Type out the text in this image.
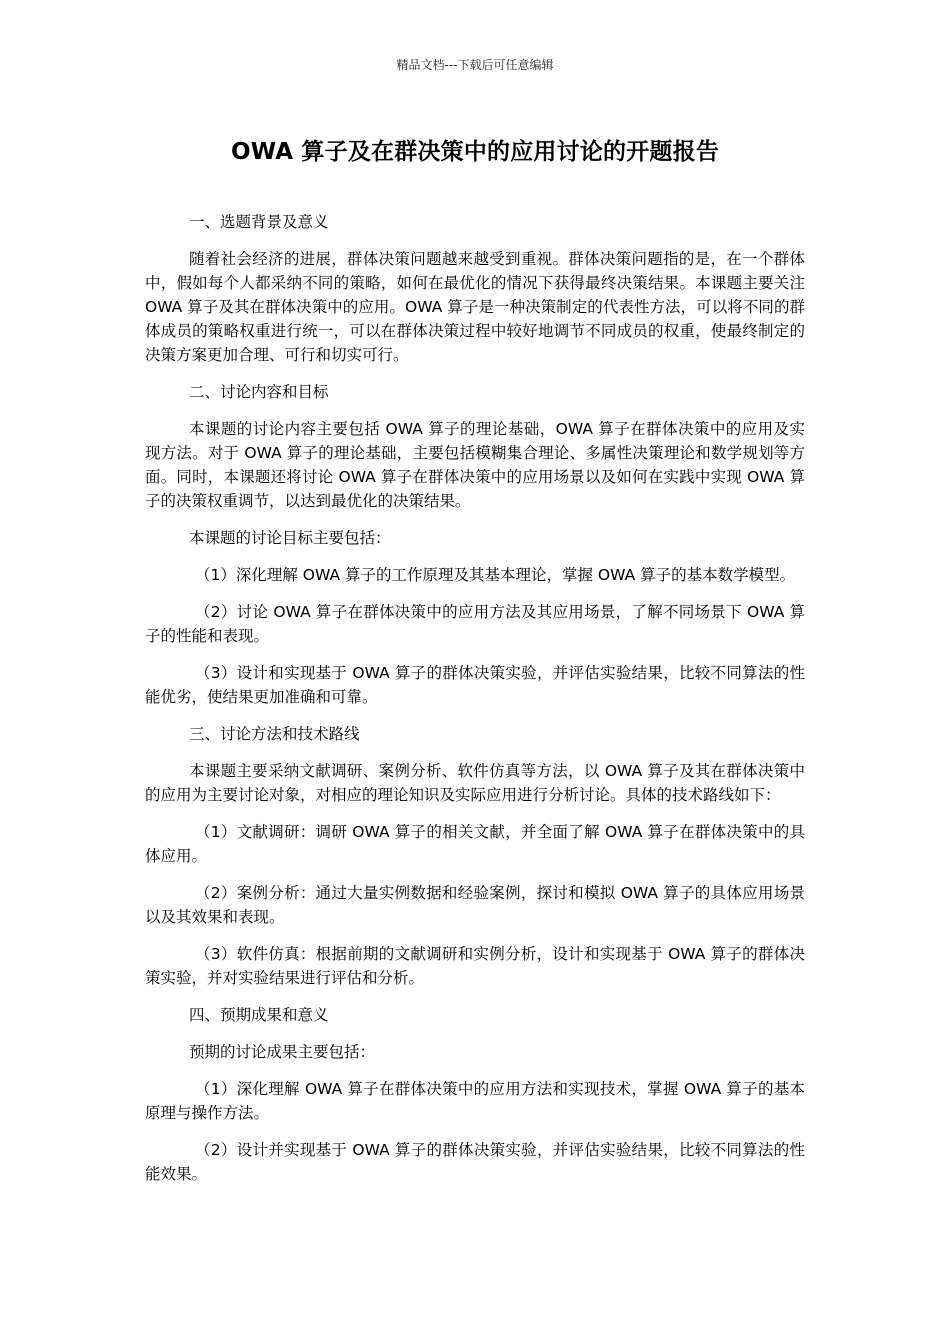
精品文档---下载后可任意编辑
OWA 算子及在群决策中的应用讨论的开题报告

一、选题背景及意义

随着社会经济的进展，群体决策问题越来越受到重视。群体决策问题指的是，在一个群体中，假如每个人都采纳不同的策略，如何在最优化的情况下获得最终决策结果。本课题主要关注 OWA 算子及其在群体决策中的应用。OWA 算子是一种决策制定的代表性方法，可以将不同的群体成员的策略权重进行统一，可以在群体决策过程中较好地调节不同成员的权重，使最终制定的决策方案更加合理、可行和切实可行。

二、讨论内容和目标

本课题的讨论内容主要包括 OWA 算子的理论基础，OWA 算子在群体决策中的应用及实现方法。对于 OWA 算子的理论基础，主要包括模糊集合理论、多属性决策理论和数学规划等方面。同时，本课题还将讨论 OWA 算子在群体决策中的应用场景以及如何在实践中实现 OWA 算子的决策权重调节，以达到最优化的决策结果。

本课题的讨论目标主要包括：

（1）深化理解 OWA 算子的工作原理及其基本理论，掌握 OWA 算子的基本数学模型。

（2）讨论 OWA 算子在群体决策中的应用方法及其应用场景，了解不同场景下 OWA 算子的性能和表现。

（3）设计和实现基于 OWA 算子的群体决策实验，并评估实验结果，比较不同算法的性能优劣，使结果更加准确和可靠。

三、讨论方法和技术路线

本课题主要采纳文献调研、案例分析、软件仿真等方法，以 OWA 算子及其在群体决策中的应用为主要讨论对象，对相应的理论知识及实际应用进行分析讨论。具体的技术路线如下：

（1）文献调研：调研 OWA 算子的相关文献，并全面了解 OWA 算子在群体决策中的具体应用。

（2）案例分析：通过大量实例数据和经验案例，探讨和模拟 OWA 算子的具体应用场景以及其效果和表现。

（3）软件仿真：根据前期的文献调研和实例分析，设计和实现基于 OWA 算子的群体决策实验，并对实验结果进行评估和分析。

四、预期成果和意义

预期的讨论成果主要包括：

（1）深化理解 OWA 算子在群体决策中的应用方法和实现技术，掌握 OWA 算子的基本原理与操作方法。

（2）设计并实现基于 OWA 算子的群体决策实验，并评估实验结果，比较不同算法的性能效果。
